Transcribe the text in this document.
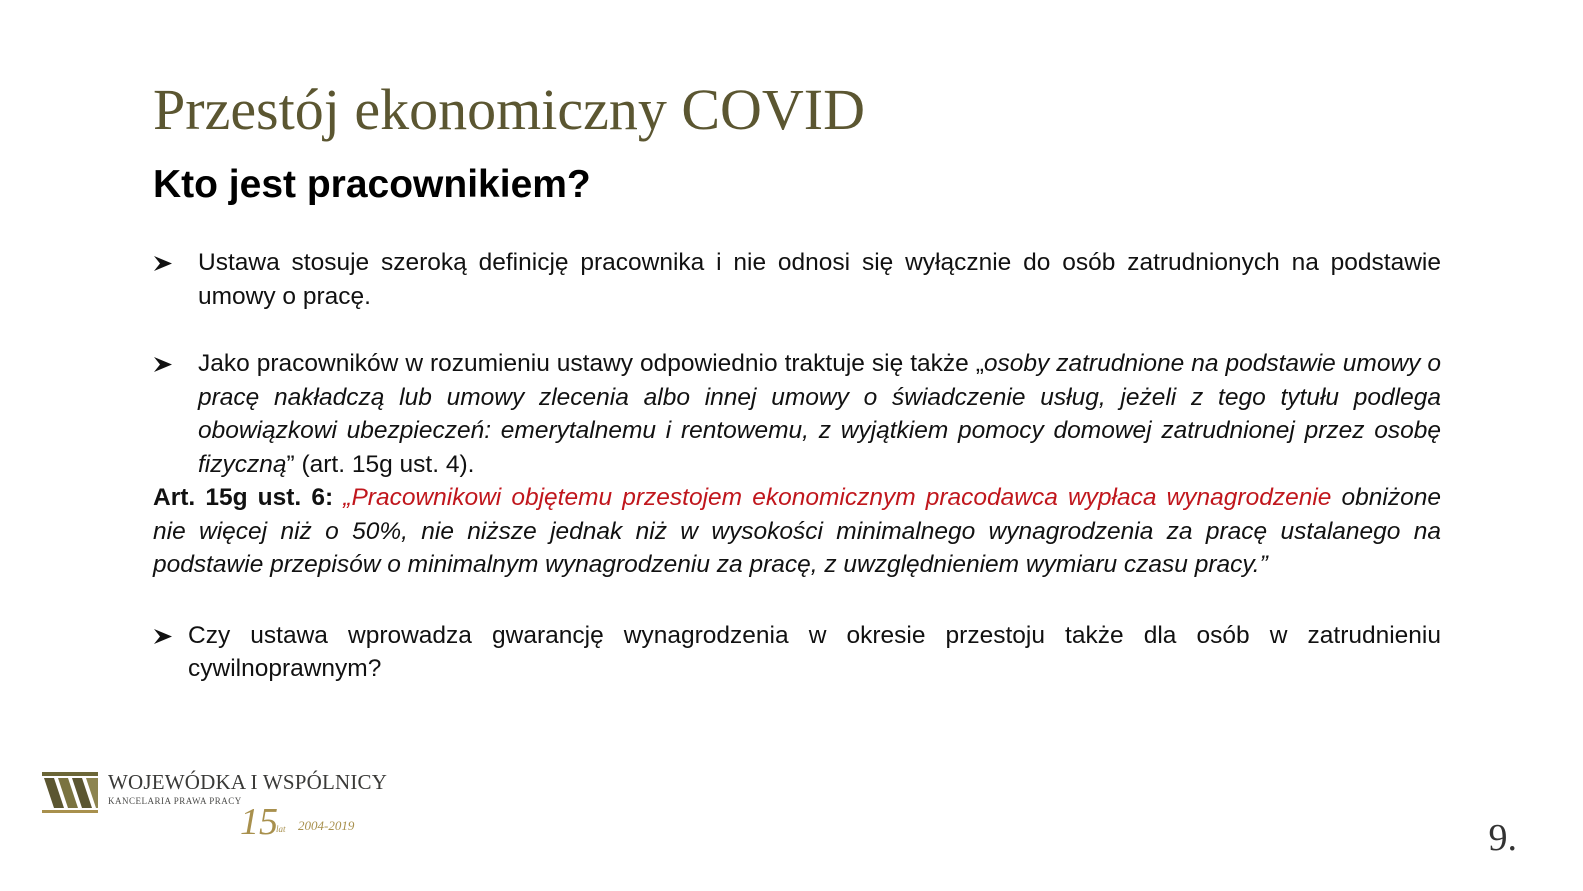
Przestój ekonomiczny COVID
Kto jest pracownikiem?

Ustawa stosuje szeroką definicję pracownika i nie odnosi się wyłącznie do osób zatrudnionych na podstawie umowy o pracę.

Jako pracowników w rozumieniu ustawy odpowiednio traktuje się także „osoby zatrudnione na podstawie umowy o pracę nakładczą lub umowy zlecenia albo innej umowy o świadczenie usług, jeżeli z tego tytułu podlega obowiązkowi ubezpieczeń: emerytalnemu i rentowemu, z wyjątkiem pomocy domowej zatrudnionej przez osobę fizyczną” (art. 15g ust. 4).

Art. 15g ust. 6: „Pracownikowi objętemu przestojem ekonomicznym pracodawca wypłaca wynagrodzenie obniżone nie więcej niż o 50%, nie niższe jednak niż w wysokości minimalnego wynagrodzenia za pracę ustalanego na podstawie przepisów o minimalnym wynagrodzeniu za pracę, z uwzględnieniem wymiaru czasu pracy.”

Czy ustawa wprowadza gwarancję wynagrodzenia w okresie przestoju także dla osób w zatrudnieniu cywilnoprawnym?

WOJEWÓDKA I WSPÓLNICY
KANCELARIA PRAWA PRACY
15
lat 2004-2019	9.
